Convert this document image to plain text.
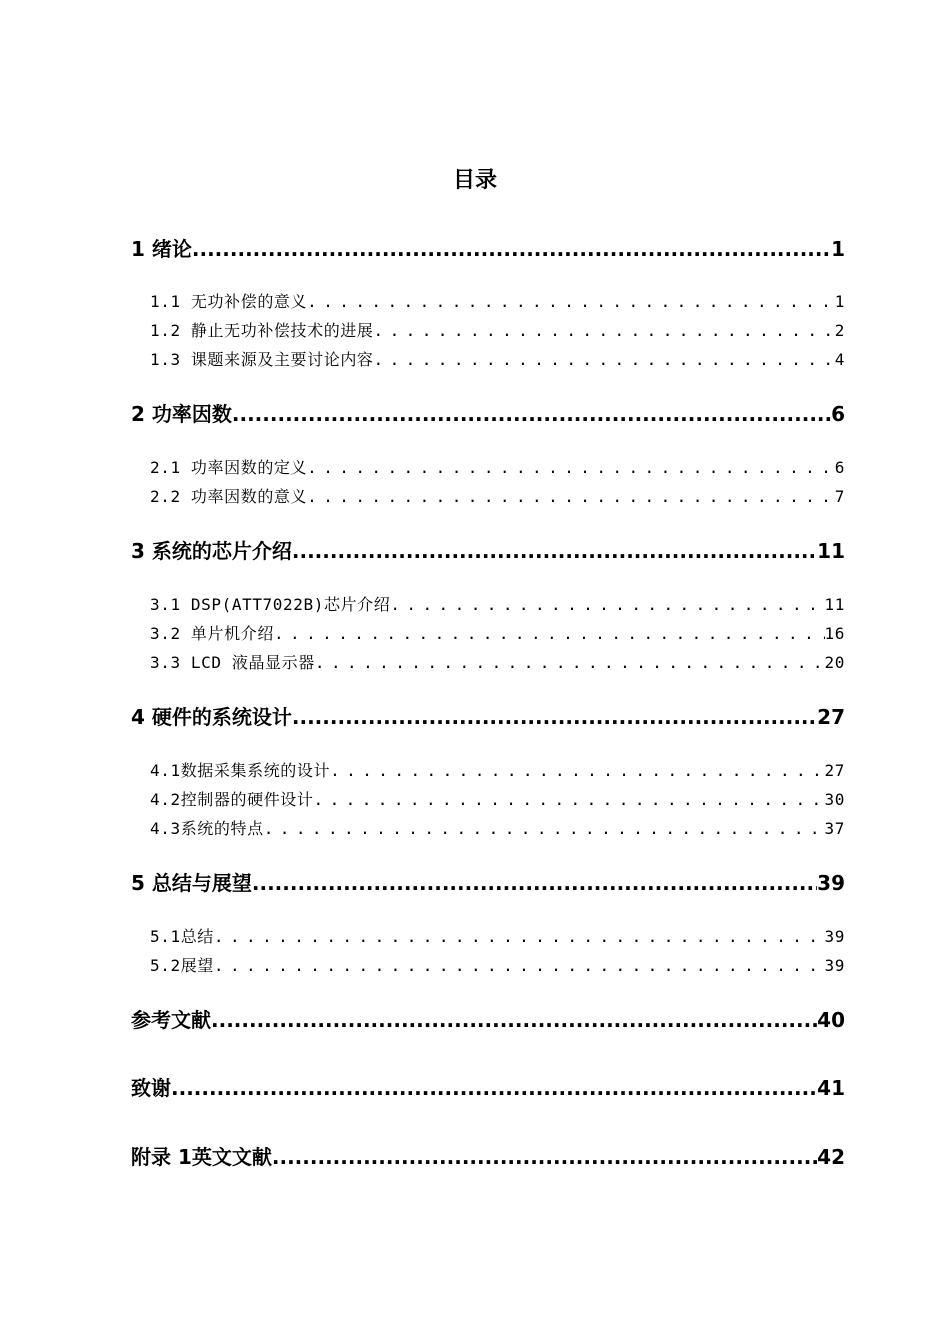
目录
1 绪论 .....	1
1.1 无功补偿的意义 . .	1
1.2 静止无功补偿技术的进展 . .	2
1.3 课题来源及主要讨论内容 . .	4
2 功率因数 .....	6
2.1 功率因数的定义 . .	6
2.2 功率因数的意义 . .	7
3 系统的芯片介绍 .....	11
3.1 DSP(ATT7022B)芯片介绍 . .	11
3.2 单片机介绍 . .	16
3.3 LCD 液晶显示器 . .	20
4 硬件的系统设计 .....	27
4.1数据采集系统的设计 . .	27
4.2控制器的硬件设计 . .	30
4.3系统的特点 . .	37
5 总结与展望 .....	39
5.1总结 . .	39
5.2展望 . .	39
参考文献 .....	40
致谢 .....	41
附录 1英文文献 .....	42
